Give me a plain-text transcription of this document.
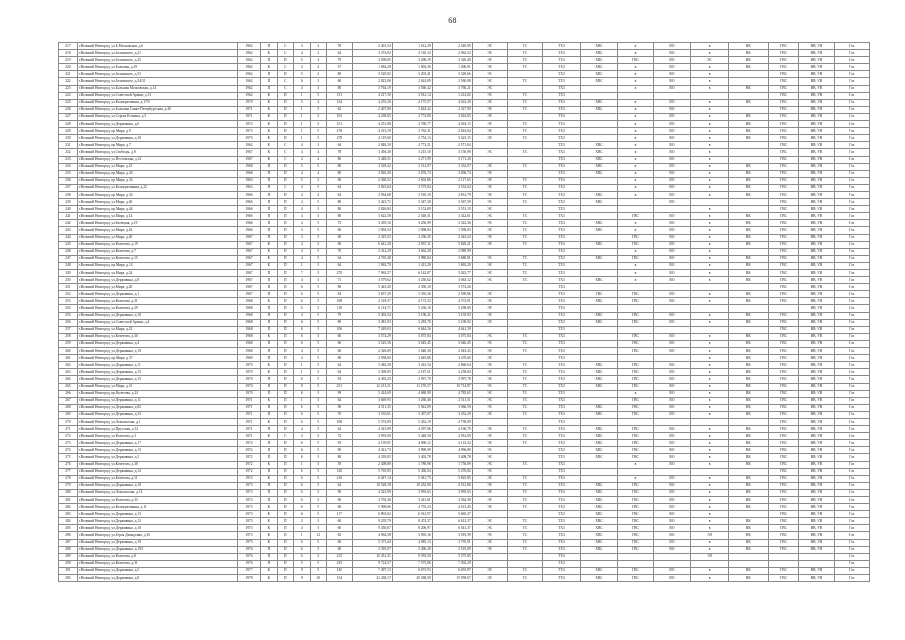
68
217	г.Великий Новгород, ул.Б.Московская, д.6	1962	П	С	3	3	78	2 401,54	1 612,29	2 340,99	ЭС	ТС	ТХ3	ХВС	в	ВО	в	ВК	ГВС	ВВ, УВ	Газ
218	г.Великий Новгород, ул.Зелинского, д.21	1962	К	С	4	2	64	3 374,02	3 110,12	2 962,52	ЭС	ТС	ТХ3	ХВС	в	ВО	в	ВК	ГВС	ВВ, УВ	Газ
219	г.Великий Новгород, ул.Зелинского, д.25	1962	П	П	5	4	79	3 500,85	3 206,19	3 326,40	ЭС	ТС	ТХ3	ХВС	ГВС	ВО	ЭС	ВК	ГВС	ВВ, УВ	Газ
220	г.Великий Новгород, ул.Большая, д.29	1962	К	С	3	4	37	1 684,20	1 604,36	1 406,91	ЭС	ТС	ТХ3	ХВС	в	ВО	в	ВК	ГВС	ВВ, УВ	Газ
221	г.Великий Новгород, ул.Зелинского, д.53	1962	П	П	5	2	80	3 520,92	3 203,41	3 320,66	ЭС		ТХ3	ХВС	в	ВО	в		ГВС	ВВ, УВ	Газ
222	г.Великий Новгород, ул.Зелинского, д.34/31	1962	П	С	6	3	60	2 822,06	2 624,09	2 560,08	ЭС	ТС	ТХ3	ХВС	в	ВО	в		ГВС	ВВ, УВ	Газ
223	г.Великий Новгород, ул.Большая Московская, д.14	1962	П	С	4	3	80	3 764,19	3 560,42	3 760,21	ЭС		ТХ3		в	ВО	в	ВК	ГВС	ВВ, УВ	Газ
224	г.Великий Новгород, ул.Советской Армии, д.13	1962	К	П	1	5	131	4 217,30	3 912,14	1 414,02	ЭС	ТС	ТХ3						ГВС	ВВ, УВ	Газ
225	г.Великий Новгород, ул.Кооперативная, д.17/9	1970	К	П	5	4	154	4 255,20	4 175,57	4 022,30	ЭС	ТС	ТХ3	ХВС	в	ВО	в	ВК	ГВС	ВВ, УВ	Газ
226	г.Великий Новгород, ул.Большая Санкт-Петербургская, д.40	1971	К	П	1	5	62	2 407,00	1 624,22	2 327,90	ЭС	ТС	ТХ3	ХВС	в	ВО	в		ГВС	ВВ, УВ	Газ
227	г.Великий Новгород, ул.Сергея Есенина, д.5	1971	К	П	1	5	103	4 238,05	3 774,80	3 824,05	ЭС		ТХ3		в	ВО	в	ВК	ГВС	ВВ, УВ	Газ
228	г.Великий Новгород, ул.Державина, д.6	1972	К	П	1	5	151	4 251,08	3 760,77	4 024,15	ЭС	ТС	ТХ3		в	ВО	в	ВК	ГВС	ВВ, УВ	Газ
229	г.Великий Новгород, пр.Мира, д.9	1973	К	П	1	5	278	4 215,19	3 762,31	2 824,04	ЭС	ТС	ТХ3		в	ВО	в	ВК	ГВС	ВВ, УВ	Газ
230	г.Великий Новгород, ул.Державина, д.10	1973	К	П	1	5	278	4 119,60	3 754,13	3 423,15	ЭС	ТС	ТХ3		в	ВО	в	ВК	ГВС	ВВ, УВ	Газ
231	г.Великий Новгород, пр.Мира, д.7	1962	К	С	4	3	64	2 848,29	2 772,21	2 571,04			ТХ3	ХВС	в	ВО	в		ГВС	ВВ, УВ	Газ
232	г.Великий Новгород, ул.Свободы, д.8	1967	К	С	4	4	78	3 494,40	3 215,10	3 150,89	ЭС	ТС	ТХ3	ХВС	в	ВО	в		ГВС	ВВ, УВ	Газ
233	г.Великий Новгород, ул.Пестовская, д.12	1967	К	С	4	4	80	3 448,31	3 271,99	3 171,20			ТХ3	ХВС	в	ВО	в		ГВС	ВВ, УВ	Газ
234	г.Великий Новгород, ул.Мира, д.23	1968	П	П	5	5	80	3 528,42	3 512,07	3 332,07	ЭС	ТС	ТХ3	ХВС	в	ВО	в	ВК	ГВС	ВВ, УВ	Газ
235	г.Великий Новгород, пр.Мира, д.26	1968	П	П	4	4	80	3 826,30	3 676,74	3 696,74	ЭС		ТХ3	ХВС	в	ВО	в	ВК	ГВС	ВВ, УВ	Газ
236	г.Великий Новгород, пр.Мира, д.32	1963	П	П	5	5	60	2 360,52	2 602,86	2 117,65	ЭС	ТС	ТХ3		в	ВО	в	ВК	ГВС	ВВ, УВ	Газ
237	г.Великий Новгород, ул.Кооперативная, д.22	1963	П	С	4	5	64	3 825,64	3 575,84	3 552,64	ЭС	ТС	ТХ3		в	ВО	в	ВК	ГВС	ВВ, УВ	Газ
238	г.Великий Новгород, пр.Мира, д.34	1966	П	П	4	4	64	2 934,68	3 510,19	2 831,79	ЭС	ТС	ТХ3	ХВС	в	ВО	в	ВК	ГВС	ВВ, УВ	Газ
239	г.Великий Новгород, ул.Мира, д.40	1966	П	П	4	5	80	3 423,71	3 347,30	3 367,59	ЭС	ТС	ТХ3	ХВС		ВО			ГВС	ВВ, УВ	Газ
240	г.Великий Новгород, пр.Мира, д.44	1966	П	П	4	5	80	3 826,84	3 152,09	3 551,19	ЭС		ТХ3				в		ГВС	ВВ, УВ	Газ
241	г.Великий Новгород, ул.Мира, д.14	1966	П	П	4	5	80	3 622,58	2 548,31	3 342,61	ЭС	ТС	ТХ3		ГВС	ВО	в	ВК	ГВС	ВВ, УВ	Газ
242	г.Великий Новгород, ул.Батецкая, д.19	1966	П	П	4	5	75	3 439,16	3 256,99	3 322,36	ЭС	ТС	ТХ3	ХВС	в	ВО	в	ВК	ГВС	ВВ, УВ	Газ
243	г.Великий Новгород, ул.Мира, д.42	1966	П	П	3	5	60	1 994,54	1 998,84	1 590,83	ЭС	ТС	ТХ3	ХВС	в	ВО	в	ВК	ГВС	ВВ, УВ	Газ
244	г.Великий Новгород, ул.Мира, д.40	1967	П	П	3	5	60	2 325,55	2 236,45	2 443,24	ЭС	ТС	ТХ3		ГВС	ВО	в	ВК	ГВС	ВВ, УВ	Газ
245	г.Великий Новгород, ул.Кочетова, д.19	1967	К	П	4	5	60	6 641,20	2 857,11	5 829,21	ЭС	ТС	ТХ3	ХВС	ГВС	ВО	в	ВК	ГВС	ВВ, УВ	Газ
246	г.Великий Новгород, ул.Кочетова, д.7	1967	К	П	4	5	70	3 412,29	3 662,20	2 989,99			ТХ3		в	ВО	в		ГВС	ВВ, УВ	Газ
247	г.Великий Новгород, ул.Кочетова, д.15	1967	К	П	4	5	64	4 765,48	3 980,84	3 680,81	ЭС	ТС	ТХ3	ХВС	ГВС	ВО	в	ВК	ГВС	ВВ, УВ	Газ
248	г.Великий Новгород, пр.Мира, д.14	1967	К	П	1	5	64	1 963,70	1 413,20	1 865,20	ЭС	ТС	ТХ3		в	ВО	в	ВК	ГВС	ВВ, УВ	Газ
249	г.Великий Новгород, ул.Мира, д.24	1967	П	П	7	5	270	7 963,57	6 142,87	5 023,77	ЭС	ТС	ТХ3		в	ВО	в	ВК	ГВС	ВВ, УВ	Газ
250	г.Великий Новгород, ул.Державина, д.8	1967	П	П	4	5	71	3 579,62	3 250,62	3 063,12	ЭС	ТС	ТХ3	ХВС	в	ВО	в	ВК	ГВС	ВВ, УВ	Газ
251	г.Великий Новгород, ул.Мира, д.20	1967	П	П	6	5	80	5 443,40	3 350,10	3 574,26			ТХ3						ГВС	ВВ, УВ	Газ
252	г.Великий Новгород, ул.Державина, д.1	1967	П	П	6	5	84	3 657,29	3 355,26	2 599,86	ЭС		ТХ3	ГВС	ГВС	ВО	в	ВК	ГВС	ВВ, УВ	Газ
253	г.Великий Новгород, ул.Кочетова, д.21	1968	К	П	6	5	108	2 218,37	4 172,33	4 572,91	ЭС		ТХ3	ХВС	ГВС	ВО	в	ВК	ГВС	ВВ, УВ	Газ
254	г.Великий Новгород, ул.Кочетова, д.29	1968	П	П	6	5	118	6 114,71	5 236,10	5 298,69	ЭС		ТХ3							ВВ, УВ	Газ
255	г.Великий Новгород, ул.Державина, д.10	1968	П	П	4	5	79	3 492,54	3 106,21	3 103,93	ЭС		ТХ3	ХВС	ГВС	ВО	в	ВК	ГВС	ВВ, УВ	Газ
256	г.Великий Новгород, ул.Советской Армии, д.4	1968	П	П	6	5	80	3 481,03	3 283,70	3 100,92	ЭС		ТХ3	ХВС	ГВС	ВО	в	ВК	ГВС	ВВ, УВ	Газ
257	г.Великий Новгород, ул.Мира, д.22	1968	П	П	6	5	106	7 249,03	6 644,16	4 641,39			ТХ3						ГВС	ВВ, УВ	Газ
258	г.Великий Новгород, ул.Кочетова, д.30	1968	К	П	6	5	60	3 574,29	3 075,84	3 075,84	ЭС	ТС	ТХ3		ГВС	ВО	в	ВК	ГВС	ВВ, УВ	Газ
259	г.Великий Новгород, ул.Державина, д.4	1968	П	П	6	5	60	3 525,36	3 045,45	3 046,45	ЭС	ТС	ТХ3		ГВС	ВО	в	ВК	ГВС	ВВ, УВ	Газ
260	г.Великий Новгород, ул.Державина, д.19	1968	П	П	4	5	60	2 326,69	1 640,30	2 043,43	ЭС	ТС	ТХ3		ГВС	ВО	в	ВК	ГВС	ВВ, УВ	Газ
261	г.Великий Новгород, пр.Мира, д.37	1969	П	П	4	5	80	3 958,60	3 645,86	3 470,60	ЭС		ТХ3				в	ВК	ГВС	ВВ, УВ	Газ
262	г.Великий Новгород, ул.Державина, д.11	1970	К	П	1	5	64	3 482,30	3 243,34	2 860,64	ЭС	ТС	ТХ3	ХВС	ГВС	ВО	в	ВК	ГВС	ВВ, УВ	Газ
263	г.Великий Новгород, ул.Державина, д.13	1970	К	П	1	5	64	3 309,05	2 187,51	2 258,84	ЭС	ТС	ТХ3	ХВС	ГВС	ВО	в	ВК	ГВС	ВВ, УВ	Газ
264	г.Великий Новгород, ул.Державина, д.15	1970	П	П	6	5	94	4 492,25	3 937,70	3 997,78	ЭС	ТС	ТХ3	ХВС	ГВС	ВО	в	ВК	ГВС	ВВ, УВ	Газ
265	г.Великий Новгород, ул.Мира, д.31	1970	П	П	9	5	251	12 213,21	11 276,57	10 714,87	ЭС	ТС	ТХ3	ХВС	ГВС	ВО	в	ВК	ГВС	ВВ, УВ	Газ
266	г.Великий Новгород, пр.Кочетова, д.24	1970	П	П	6	5	99	5 424,69	4 680,99	4 785,65	ЭС	ТС	ТХ3		в	ВО	в	ВК	ГВС	ВВ, УВ	Газ
267	г.Великий Новгород, ул.Державина, д.11	1971	К	П	1	5	64	3 669,95	3 260,46	2 511,31	ЭС	ТС	ТХ3		ГВС	ВО	в	ВК	ГВС	ВВ, УВ	Газ
268	г.Великий Новгород, ул.Державина, д.82	1971	П	П	6	5	90	4 511,35	3 922,89	3 966,59	ЭС	ТС	ТХ3	ХВС	ГВС	ВО	в	ВК	ГВС	ВВ, УВ	Газ
269	г.Великий Новгород, ул.Державина, д.33	1971	П	П	6	5	70	3 535,81	3 457,07	3 452,29	ЭС	ТС	ТХ3	ХВС	ГВС	ВО	в	ВК	ГВС	ВВ, УВ	Газ
270	г.Великий Новгород, ул.Ломоносова, д.1	1971	К	П	6	5	108	5 574,09	5 452,19	4 738,09			ТХ3						ГВС	ВВ, УВ	Газ
271	г.Великий Новгород, ул.Прусская, д.12	1971	П	П	4	5	64	4 415,99	4 297,96	4 160,79	ЭС	ТС	ТХ3	ХВС	ГВС	ВО	в	ВК	ГВС	ВВ, УВ	Газ
272	г.Великий Новгород, ул.Кочетова, д.3	1971	К	С	2	5	72	3 093,00	3 448,50	2 914,09	ЭС	ТС	ТХ3	ХВС	ГВС	ВО	в	ВК	ГВС	ВВ, УВ	Газ
273	г.Великий Новгород, ул.Державина, д.17	1972	П	П	6	5	93	4 159,91	4 096,12	4 122,32	ЭС	ТС	ТХ3	ХВС	ГВС	ВО	в	ВК	ГВС	ВВ, УВ	Газ
274	г.Великий Новгород, ул.Державина, д.13	1972	П	П	6	5	90	4 412,73	3 990,09	4 096,80	ЭС		ТХ3	ХВС	ГВС	ВО	в	ВК	ГВС	ВВ, УВ	Газ
275	г.Великий Новгород, ул.Державина, д.3	1972	П	П	6	5	80	4 339,05	3 402,78	3 408,78	ЭС		ТХ3	ХВС	ГВС	ВО	в	ВК	ГВС	ВВ, УВ	Газ
276	г.Великий Новгород, ул.Кочетова, д.38	1972	К	П	1	5	39	2 408,88	1 780,98	1 756,09	ЭС	ТС	ТХ3		в	ВО	в	ВК	ГВС	ВВ, УВ	Газ
277	г.Великий Новгород, ул.Державина, д.14	1972	П	П	6	5	120	5 765,85	5 436,04	5 476,82	ЭС		ТХ3						ГВС	ВВ, УВ	Газ
278	г.Великий Новгород, ул.Кочетова, д.11	1972	К	П	6	5	210	6 047,14	5 941,75	5 825,85	ЭС	ТС	ТХ3		в	ВО	в	ВК	ГВС	ВВ, УВ	Газ
279	г.Великий Новгород, ул.Державина, д.18	1973	П	П	6	5	64	10 528,18	10 252,90	4 512,86	ЭС	ТС	ТХ3	ХВС	ГВС	ВО	в	ВК	ГВС	ВВ, УВ	Газ
280	г.Великий Новгород, ул.Ломоносова, д.14	1973	П	П	6	5	90	4 323,99	3 993,63	3 995,63	ЭС	ТС	ТХ3	ХВС	ГВС	ВО	в	ВК	ГВС	ВВ, УВ	Газ
281	г.Великий Новгород, ул.Кочетова, д.33	1973	П	П	6	5	60	3 792,36	3 241,01	3 564,39	ЭС	ТС	ТХ3	ХВС	ГВС	ВО	в	ВК	ГВС	ВВ, УВ	Газ
282	г.Великий Новгород, ул.Кооперативная, д.11	1973	К	П	6	5	60	5 909,66	4 755,23	4 413,45	ЭС	ТС	ТХ3	ХВС	ГВС	ВО	в	ВК	ГВС	ВВ, УВ	Газ
283	г.Великий Новгород, ул.Державина, д.13	1973	К	П	6	5	117	6 803,02	6 012,97	5 665,27			ТХ3	ХВС	ГВС	ВО	в		ГВС	ВВ, УВ	Газ
284	г.Великий Новгород, ул.Державина, д.12	1973	К	П	2	5	60	9 239,79	8 474,37	6 612,37	ЭС	ТС	ТХ3	ХВС	ГВС	ВО	в	ВК	ГВС	ВВ, УВ	Газ
285	г.Великий Новгород, ул.Державина, д.10	1973	К	П	4	5	60	9 450,67	8 206,97	6 541,37	ЭС	ТС	ТХ3	ХВС	ГВС	ВО	в	ВК	ГВС	ВВ, УВ	Газ
286	г.Великий Новгород, ул.Героя Давыденко, д.16	1973	К	П	1	12	82	4 964,58	3 905,16	3 919,59	ЭС	ТС	ТХ3	ХВС	ГВС	ВО	ЭЛ	ВК	ГВС	ВВ, УВ	Газ
287	г.Великий Новгород, ул.Державина, д.19	1975	К	П	6	5	60	5 373,44	4 085,13	3 795,91	ЭС	ТС	ТХ3	ХВС	ГВС	ВО	в	ВК	ГВС	ВВ, УВ	Газ
288	г.Великий Новгород, ул.Державина, д.19/1	1976	П	П	6	5	60	3 395,07	3 496,29	3 519,09	ЭС	ТС	ТХ3	ХВС	ГВС	ВО	в	ВК	ГВС	ВВ, УВ	Газ
289	г.Великий Новгород, ул.Кочетова, д.8	1976	П	П	6	5	215	10 451,31	9 592,50	5 575,85			ТХ3				ЭЛ				Газ
290	г.Великий Новгород, ул.Кочетова, д.31	1976	П	П	5	5	235	9 724,57	7 575,86	7 302,29			ТХ3								Газ
291	г.Великий Новгород, ул.Державина, д.5	1977	К	П	9	5	145	7 497,13	6 673,93	6 655,87	ЭС	ТС	ТХ3	ХВС	ГВС	ВО	в	ВК	ГВС	ВВ, УВ	Газ
292	г.Великий Новгород, ул.Державина, д.8	1978	К	П	9	10	154	21 438,17	20 368,59	15 958,67	ЭС	ТС	ТХ3	ХВС	ГВС	ВО	в	ВК	ГВС	ВВ, УВ	Газ
